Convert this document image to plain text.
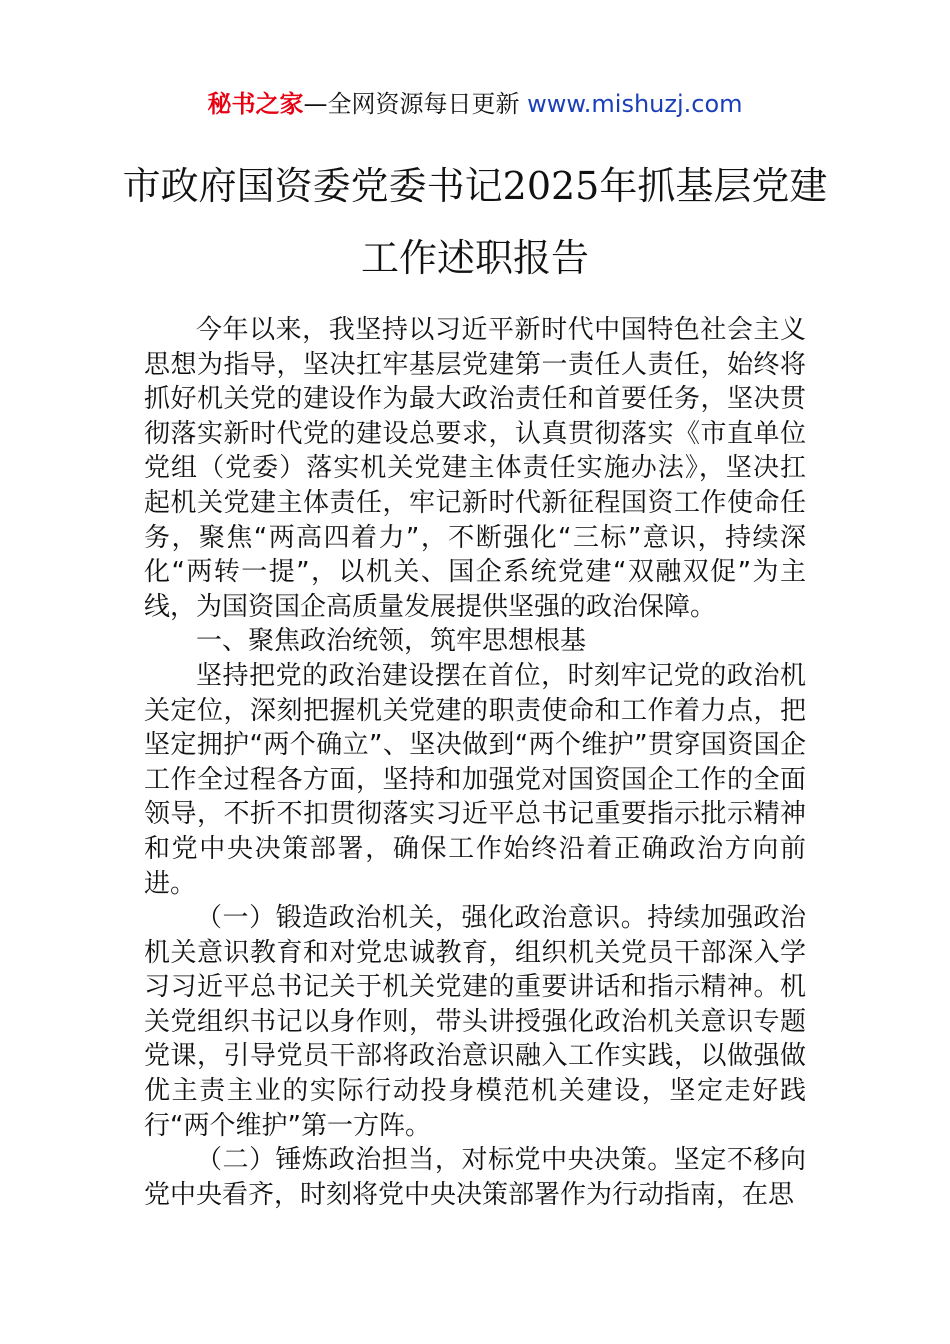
秘书之家—全网资源每日更新 www.mishuzj.com
市政府国资委党委书记2025年抓基层党建
工作述职报告

今年以来，我坚持以习近平新时代中国特色社会主义思想为指导，坚决扛牢基层党建第一责任人责任，始终将抓好机关党的建设作为最大政治责任和首要任务，坚决贯彻落实新时代党的建设总要求，认真贯彻落实《市直单位党组（党委）落实机关党建主体责任实施办法》，坚决扛起机关党建主体责任，牢记新时代新征程国资工作使命任务，聚焦“两高四着力”，不断强化“三标”意识，持续深化“两转一提”，以机关、国企系统党建“双融双促”为主线，为国资国企高质量发展提供坚强的政治保障。

一、聚焦政治统领，筑牢思想根基

坚持把党的政治建设摆在首位，时刻牢记党的政治机关定位，深刻把握机关党建的职责使命和工作着力点，把坚定拥护“两个确立”、坚决做到“两个维护”贯穿国资国企工作全过程各方面，坚持和加强党对国资国企工作的全面领导，不折不扣贯彻落实习近平总书记重要指示批示精神和党中央决策部署，确保工作始终沿着正确政治方向前进。

（一）锻造政治机关，强化政治意识。持续加强政治机关意识教育和对党忠诚教育，组织机关党员干部深入学习习近平总书记关于机关党建的重要讲话和指示精神。机关党组织书记以身作则，带头讲授强化政治机关意识专题党课，引导党员干部将政治意识融入工作实践，以做强做优主责主业的实际行动投身模范机关建设，坚定走好践行“两个维护”第一方阵。

（二）锤炼政治担当，对标党中央决策。坚定不移向党中央看齐，时刻将党中央决策部署作为行动指南，在思
